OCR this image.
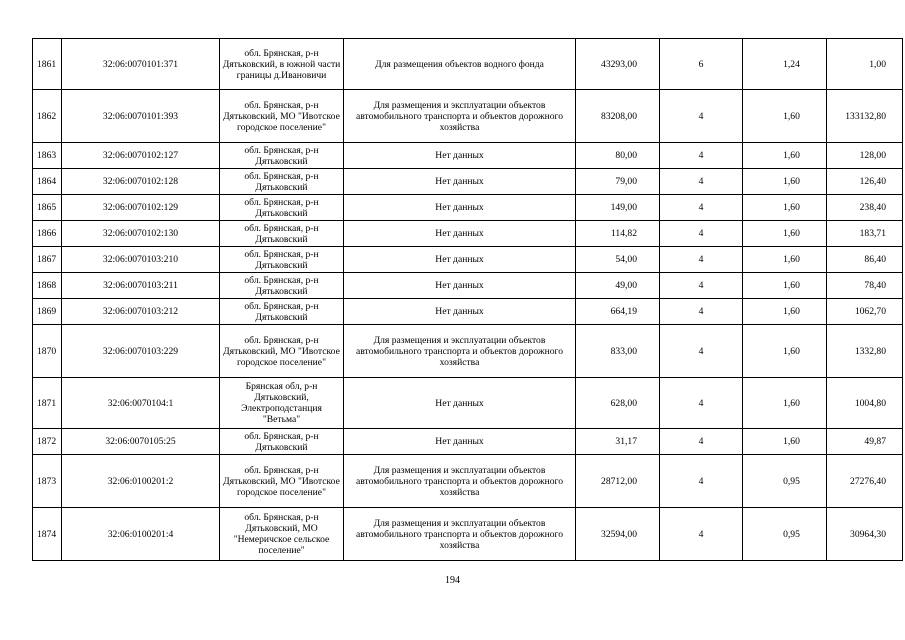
1861	32:06:0070101:371	обл. Брянская, р-н Дятьковский, в южной части границы д.Ивановичи	Для размещения объектов водного фонда	43293,00	6	1,24	1,00
1862	32:06:0070101:393	обл. Брянская, р-н Дятьковский, МО "Ивотское городское поселение"	Для размещения и эксплуатации объектов автомобильного транспорта и объектов дорожного хозяйства	83208,00	4	1,60	133132,80
1863	32:06:0070102:127	обл. Брянская, р-н Дятьковский	Нет данных	80,00	4	1,60	128,00
1864	32:06:0070102:128	обл. Брянская, р-н Дятьковский	Нет данных	79,00	4	1,60	126,40
1865	32:06:0070102:129	обл. Брянская, р-н Дятьковский	Нет данных	149,00	4	1,60	238,40
1866	32:06:0070102:130	обл. Брянская, р-н Дятьковский	Нет данных	114,82	4	1,60	183,71
1867	32:06:0070103:210	обл. Брянская, р-н Дятьковский	Нет данных	54,00	4	1,60	86,40
1868	32:06:0070103:211	обл. Брянская, р-н Дятьковский	Нет данных	49,00	4	1,60	78,40
1869	32:06:0070103:212	обл. Брянская, р-н Дятьковский	Нет данных	664,19	4	1,60	1062,70
1870	32:06:0070103:229	обл. Брянская, р-н Дятьковский, МО "Ивотское городское поселение"	Для размещения и эксплуатации объектов автомобильного транспорта и объектов дорожного хозяйства	833,00	4	1,60	1332,80
1871	32:06:0070104:1	Брянская обл, р-н Дятьковский, Электроподстанция "Ветьма"	Нет данных	628,00	4	1,60	1004,80
1872	32:06:0070105:25	обл. Брянская, р-н Дятьковский	Нет данных	31,17	4	1,60	49,87
1873	32:06:0100201:2	обл. Брянская, р-н Дятьковский, МО "Ивотское городское поселение"	Для размещения и эксплуатации объектов автомобильного транспорта и объектов дорожного хозяйства	28712,00	4	0,95	27276,40
1874	32:06:0100201:4	обл. Брянская, р-н Дятьковский, МО "Немеричское сельское поселение"	Для размещения и эксплуатации объектов автомобильного транспорта и объектов дорожного хозяйства	32594,00	4	0,95	30964,30
194
